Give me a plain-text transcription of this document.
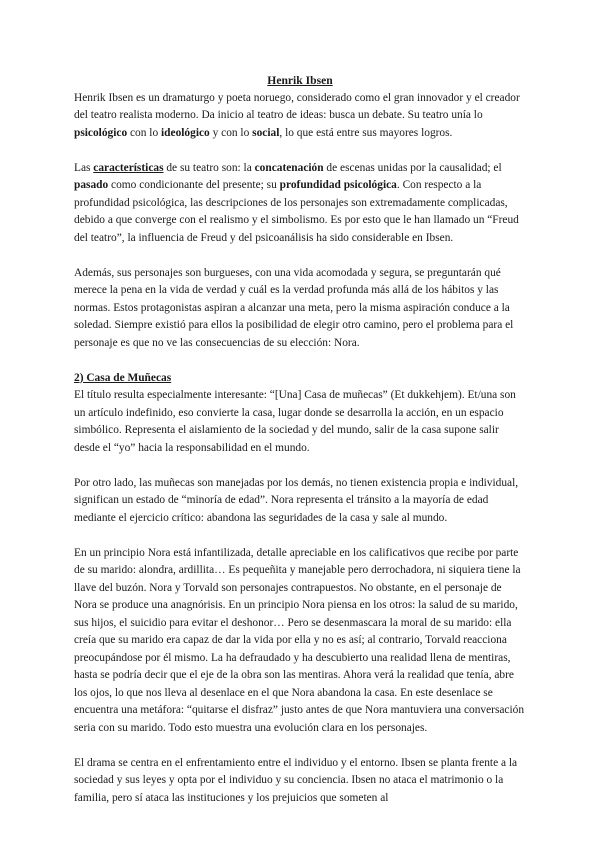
Henrik Ibsen

Henrik Ibsen es un dramaturgo y poeta noruego, considerado como el gran innovador y el creador del teatro realista moderno. Da inicio al teatro de ideas: busca un debate. Su teatro unía lo psicológico con lo ideológico y con lo social, lo que está entre sus mayores logros.

Las características de su teatro son: la concatenación de escenas unidas por la causalidad; el pasado como condicionante del presente; su profundidad psicológica. Con respecto a la profundidad psicológica, las descripciones de los personajes son extremadamente complicadas, debido a que converge con el realismo y el simbolismo. Es por esto que le han llamado un “Freud del teatro”, la influencia de Freud y del psicoanálisis ha sido considerable en Ibsen.

Además, sus personajes son burgueses, con una vida acomodada y segura, se preguntarán qué merece la pena en la vida de verdad y cuál es la verdad profunda más allá de los hábitos y las normas. Estos protagonistas aspiran a alcanzar una meta, pero la misma aspiración conduce a la soledad. Siempre existió para ellos la posibilidad de elegir otro camino, pero el problema para el personaje es que no ve las consecuencias de su elección: Nora.

2) Casa de Muñecas

El título resulta especialmente interesante: “[Una] Casa de muñecas” (Et dukkehjem). Et/una son un artículo indefinido, eso convierte la casa, lugar donde se desarrolla la acción, en un espacio simbólico. Representa el aislamiento de la sociedad y del mundo, salir de la casa supone salir desde el “yo” hacia la responsabilidad en el mundo.

Por otro lado, las muñecas son manejadas por los demás, no tienen existencia propia e individual, significan un estado de “minoría de edad”. Nora representa el tránsito a la mayoría de edad mediante el ejercicio crítico: abandona las seguridades de la casa y sale al mundo.

En un principio Nora está infantilizada, detalle apreciable en los calificativos que recibe por parte de su marido: alondra, ardillita… Es pequeñita y manejable pero derrochadora, ni siquiera tiene la llave del buzón. Nora y Torvald son personajes contrapuestos. No obstante, en el personaje de Nora se produce una anagnórisis. En un principio Nora piensa en los otros: la salud de su marido, sus hijos, el suicidio para evitar el deshonor… Pero se desenmascara la moral de su marido: ella creía que su marido era capaz de dar la vida por ella y no es así; al contrario, Torvald reacciona preocupándose por él mismo. La ha defraudado y ha descubierto una realidad llena de mentiras, hasta se podría decir que el eje de la obra son las mentiras. Ahora verá la realidad que tenía, abre los ojos, lo que nos lleva al desenlace en el que Nora abandona la casa. En este desenlace se encuentra una metáfora: “quitarse el disfraz” justo antes de que Nora mantuviera una conversación seria con su marido. Todo esto muestra una evolución clara en los personajes.

El drama se centra en el enfrentamiento entre el individuo y el entorno. Ibsen se planta frente a la sociedad y sus leyes y opta por el individuo y su conciencia. Ibsen no ataca el matrimonio o la familia, pero sí ataca las instituciones y los prejuicios que someten al
